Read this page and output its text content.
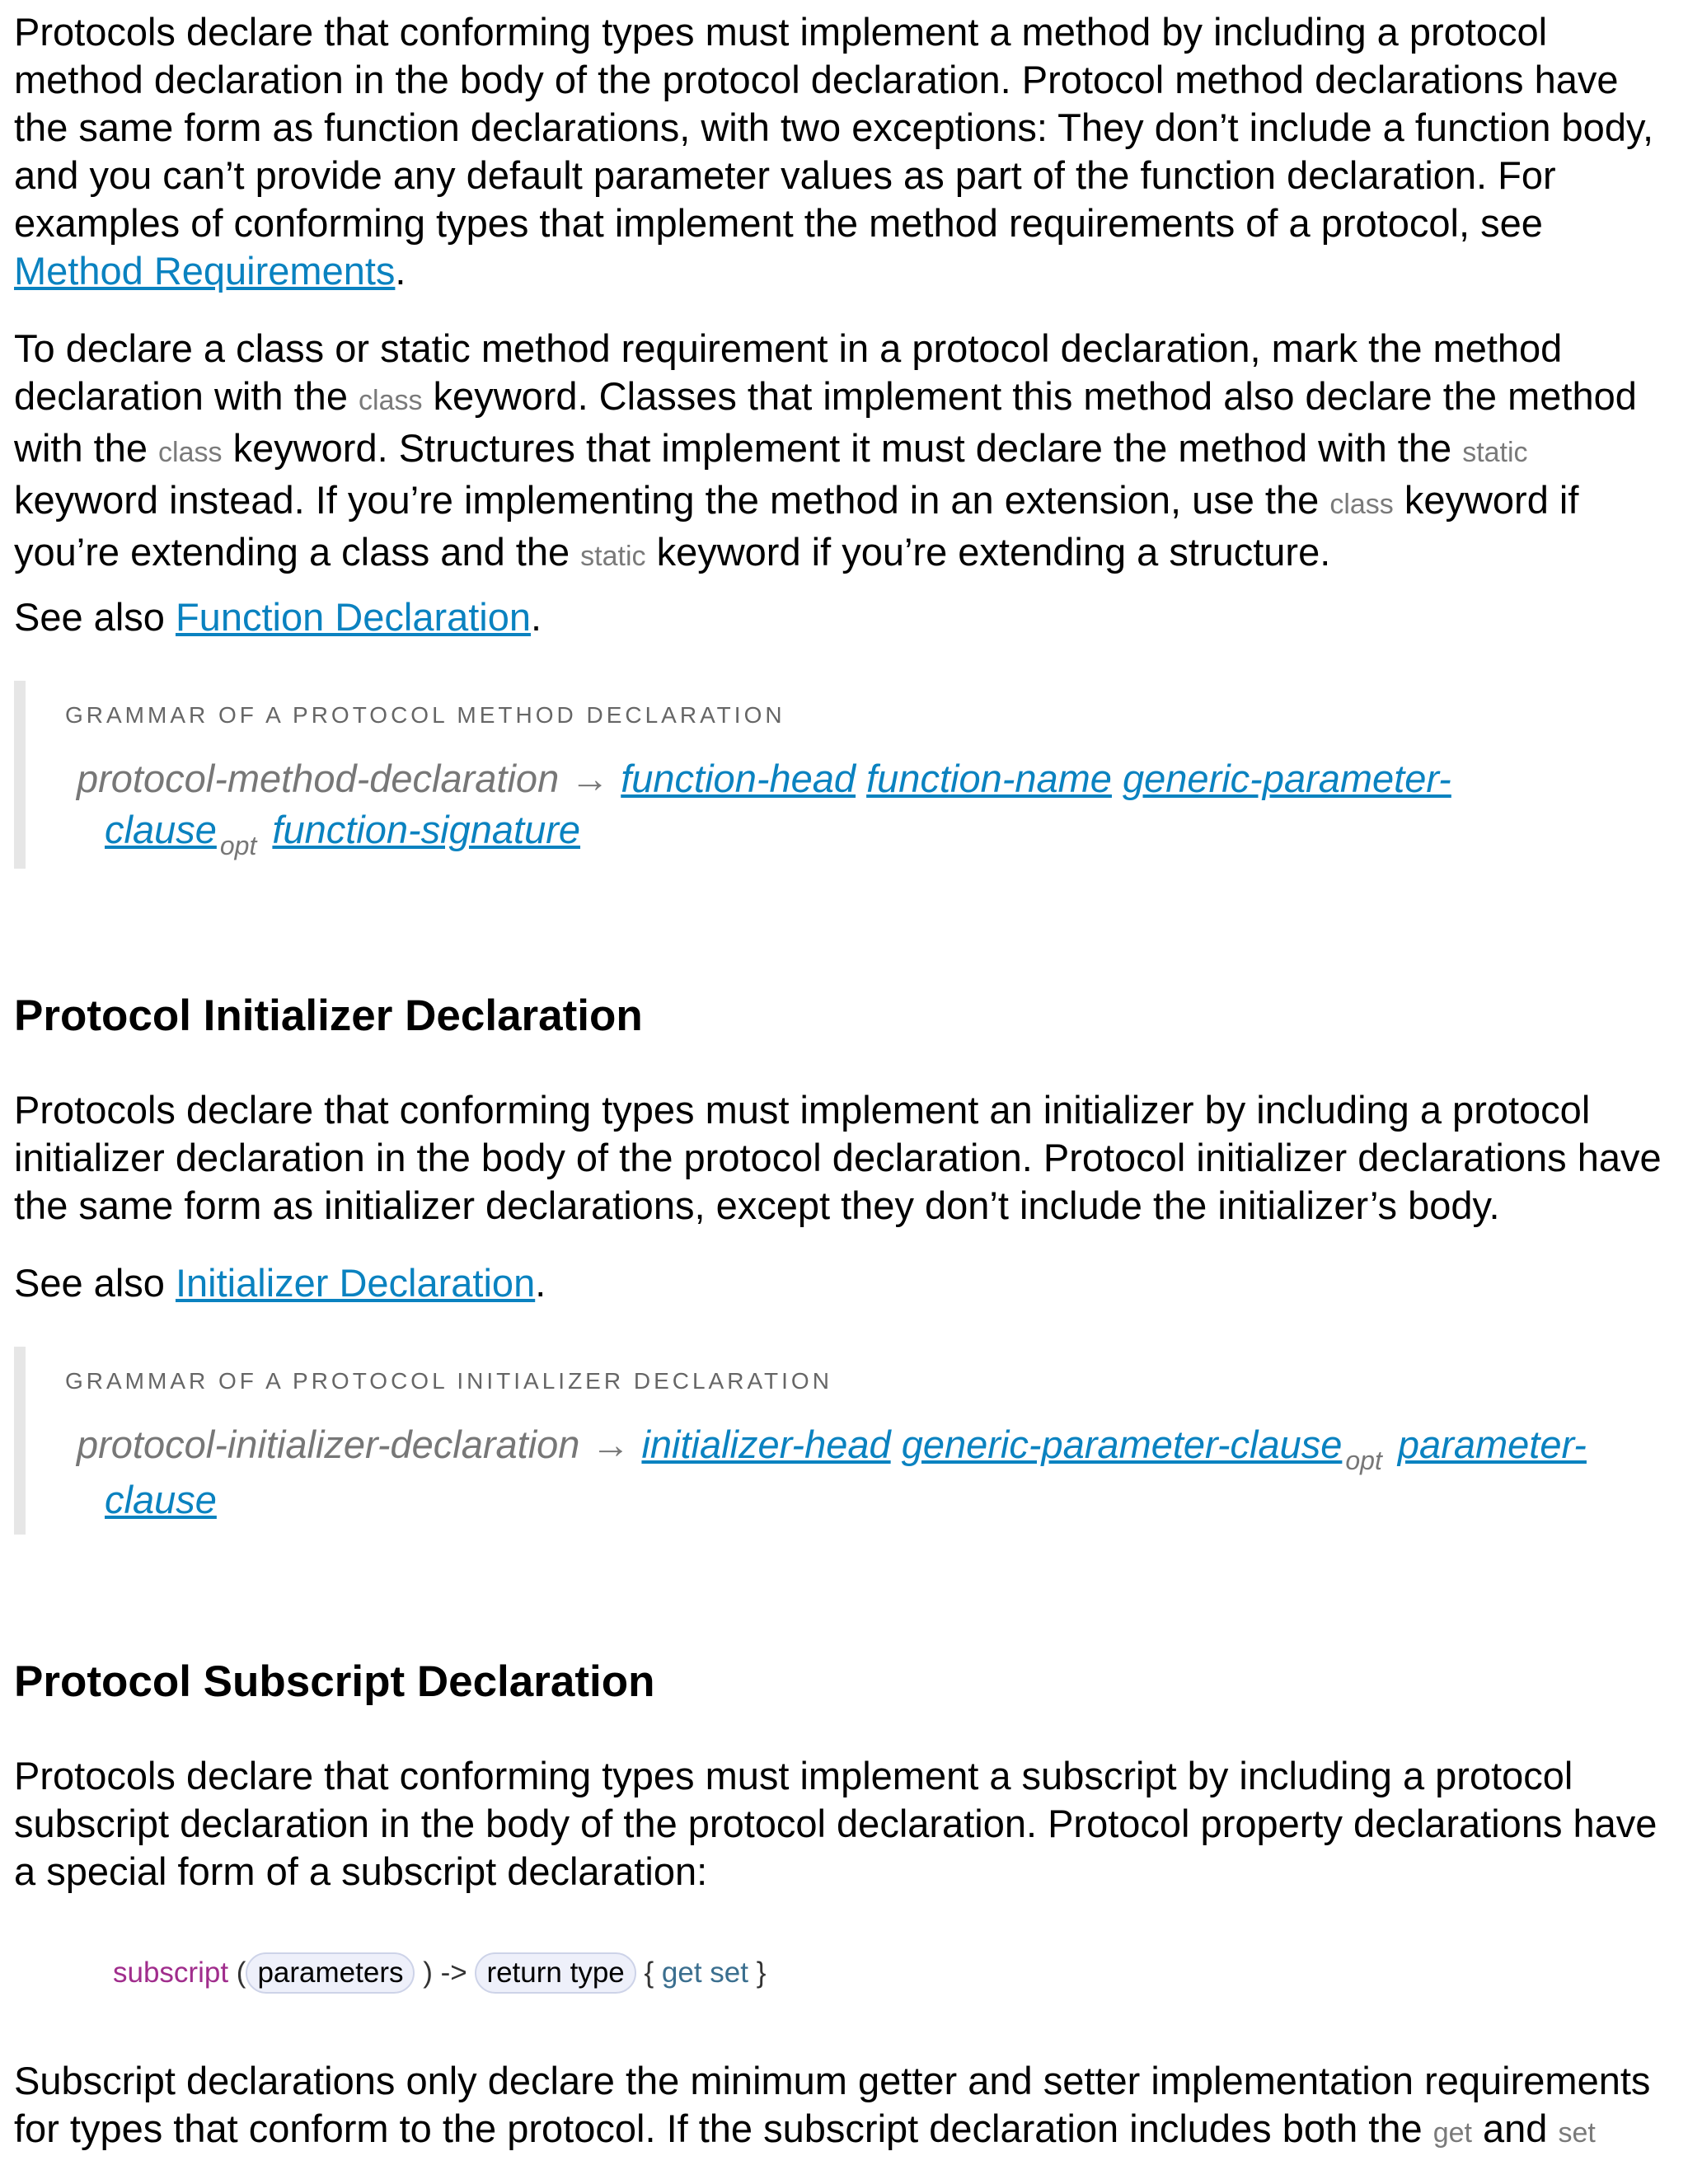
Protocols declare that conforming types must implement a method by including a protocol method declaration in the body of the protocol declaration. Protocol method declarations have the same form as function declarations, with two exceptions: They don’t include a function body, and you can’t provide any default parameter values as part of the function declaration. For examples of conforming types that implement the method requirements of a protocol, see Method Requirements.

To declare a class or static method requirement in a protocol declaration, mark the method declaration with the class keyword. Classes that implement this method also declare the method with the class keyword. Structures that implement it must declare the method with the static keyword instead. If you’re implementing the method in an extension, use the class keyword if you’re extending a class and the static keyword if you’re extending a structure.

See also Function Declaration.

GRAMMAR OF A PROTOCOL METHOD DECLARATION
protocol-method-declaration → function-head function-name generic-parameter-
clause $_{opt}$ function-signature
Protocol Initializer Declaration

Protocols declare that conforming types must implement an initializer by including a protocol initializer declaration in the body of the protocol declaration. Protocol initializer declarations have the same form as initializer declarations, except they don’t include the initializer’s body.

See also Initializer Declaration.

GRAMMAR OF A PROTOCOL INITIALIZER DECLARATION
protocol-initializer-declaration → initializer-head generic-parameter-clause $_{opt}$ parameter-
clause
Protocol Subscript Declaration

Protocols declare that conforming types must implement a subscript by including a protocol subscript declaration in the body of the protocol declaration. Protocol property declarations have a special form of a subscript declaration:

subscript ( parameters ) -> return type { get set }

Subscript declarations only declare the minimum getter and setter implementation requirements for types that conform to the protocol. If the subscript declaration includes both the get and set
